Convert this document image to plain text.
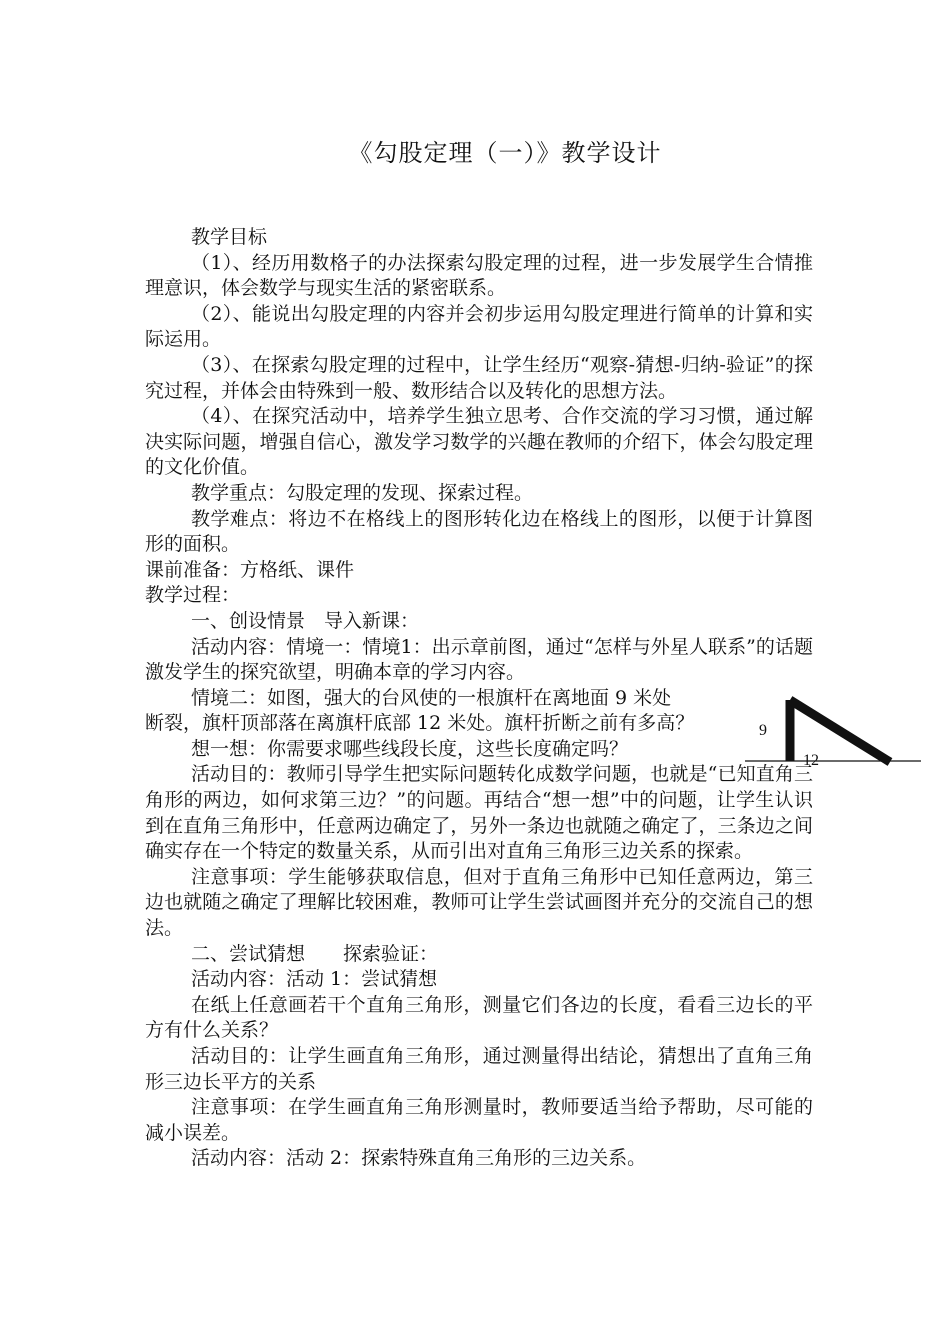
《勾股定理（一）》教学设计

教学目标

（1）、经历用数格子的办法探索勾股定理的过程，进一步发展学生合情推理意识，体会数学与现实生活的紧密联系。

（2）、能说出勾股定理的内容并会初步运用勾股定理进行简单的计算和实际运用。

（3）、在探索勾股定理的过程中，让学生经历“观察-猜想-归纳-验证”的探究过程，并体会由特殊到一般、数形结合以及转化的思想方法。

（4）、在探究活动中，培养学生独立思考、合作交流的学习习惯，通过解决实际问题，增强自信心，激发学习数学的兴趣在教师的介绍下，体会勾股定理的文化价值。

教学重点：勾股定理的发现、探索过程。

教学难点：将边不在格线上的图形转化边在格线上的图形，以便于计算图形的面积。

课前准备：方格纸、课件

教学过程：

一、创设情景　导入新课：

活动内容：情境一：情境1：出示章前图，通过“怎样与外星人联系”的话题激发学生的探究欲望，明确本章的学习内容。

情境二：如图，强大的台风使的一根旗杆在离地面 9 米处

断裂，旗杆顶部落在离旗杆底部 12 米处。旗杆折断之前有多高？

想一想：你需要求哪些线段长度，这些长度确定吗？

活动目的：教师引导学生把实际问题转化成数学问题，也就是“已知直角三角形的两边，如何求第三边？”的问题。再结合“想一想”中的问题，让学生认识到在直角三角形中，任意两边确定了，另外一条边也就随之确定了，三条边之间确实存在一个特定的数量关系，从而引出对直角三角形三边关系的探索。

注意事项：学生能够获取信息，但对于直角三角形中已知任意两边，第三边也就随之确定了理解比较困难，教师可让学生尝试画图并充分的交流自己的想法。

二、尝试猜想　　探索验证：

活动内容：活动 1：尝试猜想

在纸上任意画若干个直角三角形，测量它们各边的长度，看看三边长的平方有什么关系？

活动目的：让学生画直角三角形，通过测量得出结论，猜想出了直角三角形三边长平方的关系

注意事项：在学生画直角三角形测量时，教师要适当给予帮助，尽可能的减小误差。

活动内容：活动 2：探索特殊直角三角形的三边关系。

9
12
